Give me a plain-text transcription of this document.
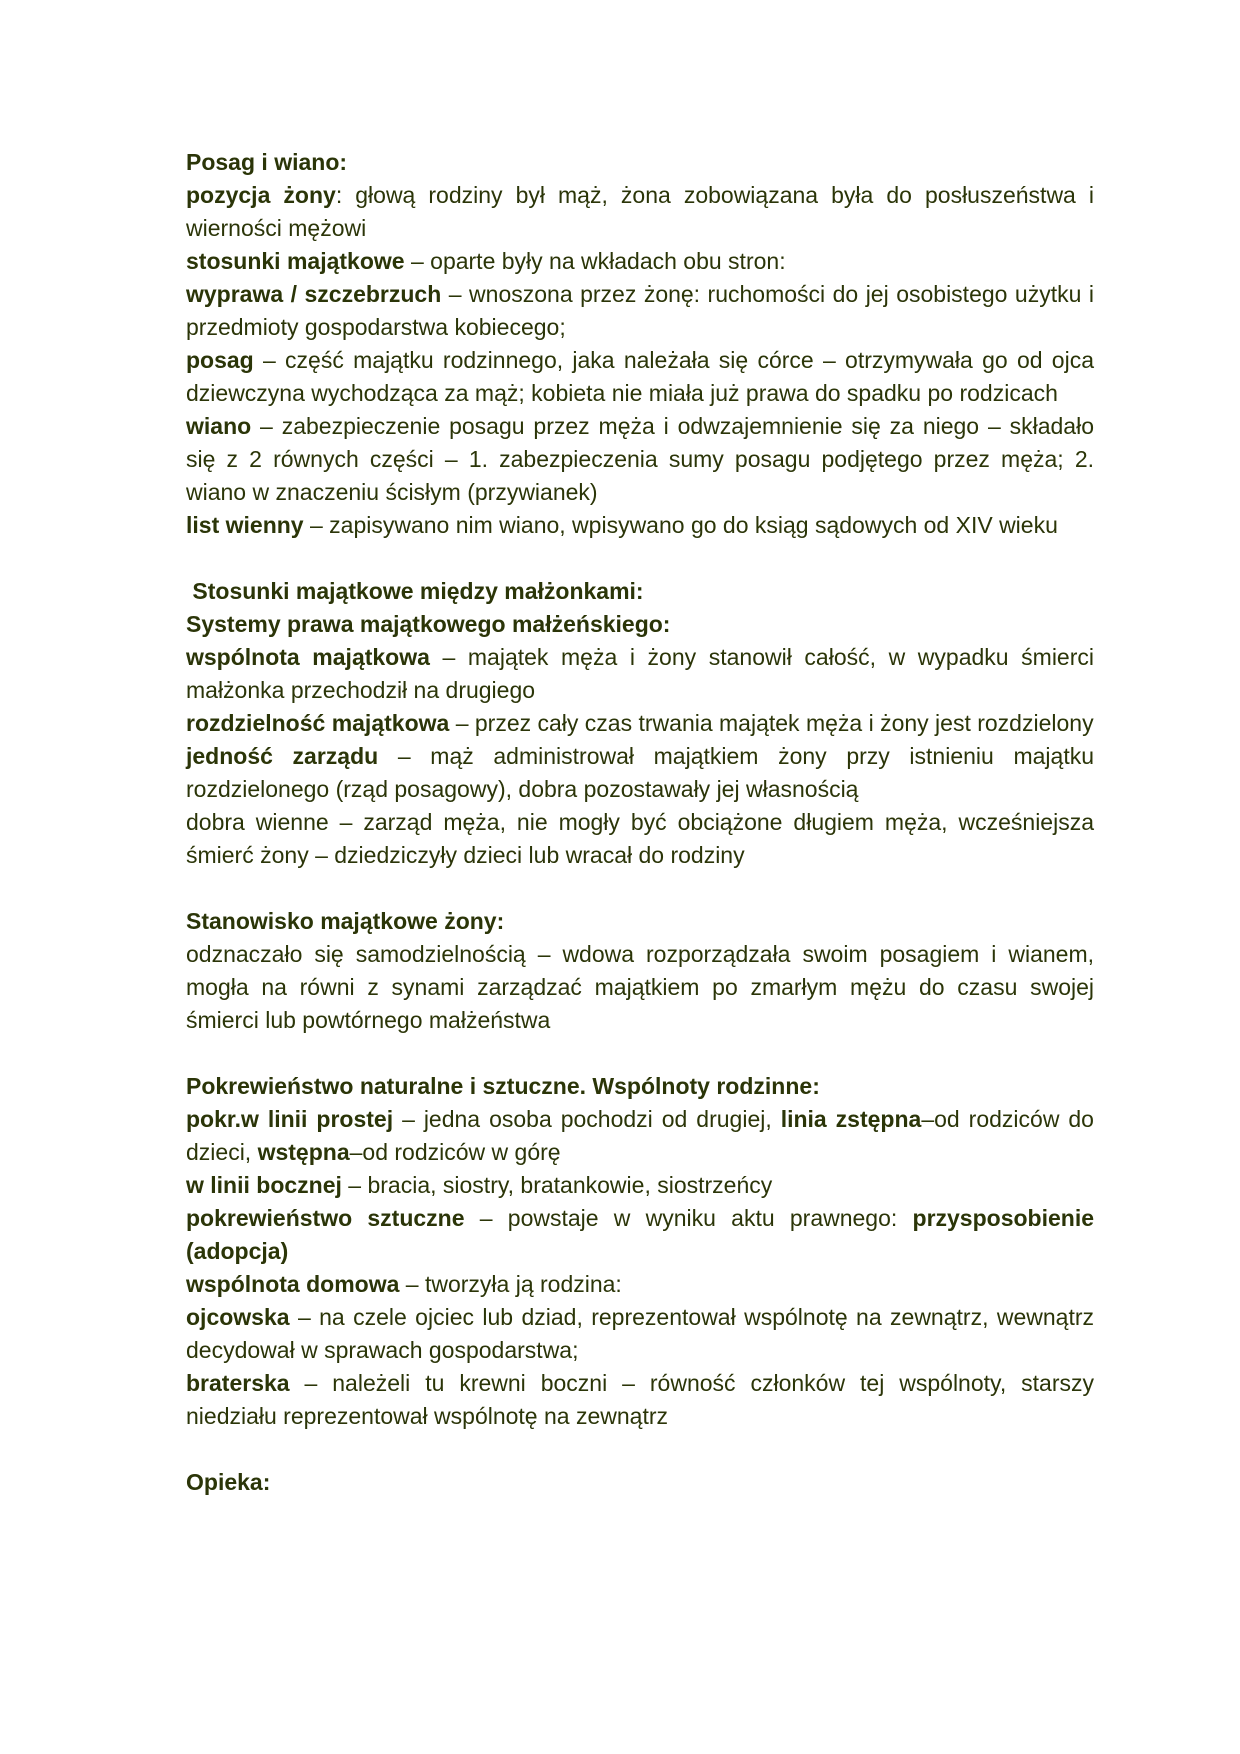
Posag i wiano:

pozycja żony: głową rodziny był mąż, żona zobowiązana była do posłuszeństwa i wierności mężowi

stosunki majątkowe – oparte były na wkładach obu stron:

wyprawa / szczebrzuch – wnoszona przez żonę: ruchomości do jej osobistego użytku i przedmioty gospodarstwa kobiecego;

posag – część majątku rodzinnego, jaka należała się córce – otrzymywała go od ojca dziewczyna wychodząca za mąż; kobieta nie miała już prawa do spadku po rodzicach

wiano – zabezpieczenie posagu przez męża i odwzajemnienie się za niego – składało się z 2 równych części – 1. zabezpieczenia sumy posagu podjętego przez męża; 2. wiano w znaczeniu ścisłym (przywianek)

list wienny – zapisywano nim wiano, wpisywano go do ksiąg sądowych od XIV wieku

Stosunki majątkowe między małżonkami:

Systemy prawa majątkowego małżeńskiego:

wspólnota majątkowa – majątek męża i żony stanowił całość, w wypadku śmierci małżonka przechodził na drugiego

rozdzielność majątkowa – przez cały czas trwania majątek męża i żony jest rozdzielony

jedność zarządu – mąż administrował majątkiem żony przy istnieniu majątku rozdzielonego (rząd posagowy), dobra pozostawały jej własnością

dobra wienne – zarząd męża, nie mogły być obciążone długiem męża, wcześniejsza śmierć żony – dziedziczyły dzieci lub wracał do rodziny

Stanowisko majątkowe żony:

odznaczało się samodzielnością – wdowa rozporządzała swoim posagiem i wianem, mogła na równi z synami zarządzać majątkiem po zmarłym mężu do czasu swojej śmierci lub powtórnego małżeństwa

Pokrewieństwo naturalne i sztuczne. Wspólnoty rodzinne:

pokr.w linii prostej – jedna osoba pochodzi od drugiej, linia zstępna–od rodziców do dzieci, wstępna–od rodziców w górę

w linii bocznej – bracia, siostry, bratankowie, siostrzeńcy

pokrewieństwo sztuczne – powstaje w wyniku aktu prawnego: przysposobienie (adopcja)

wspólnota domowa – tworzyła ją rodzina:

ojcowska – na czele ojciec lub dziad, reprezentował wspólnotę na zewnątrz, wewnątrz decydował w sprawach gospodarstwa;

braterska – należeli tu krewni boczni – równość członków tej wspólnoty, starszy niedziału reprezentował wspólnotę na zewnątrz

Opieka:
